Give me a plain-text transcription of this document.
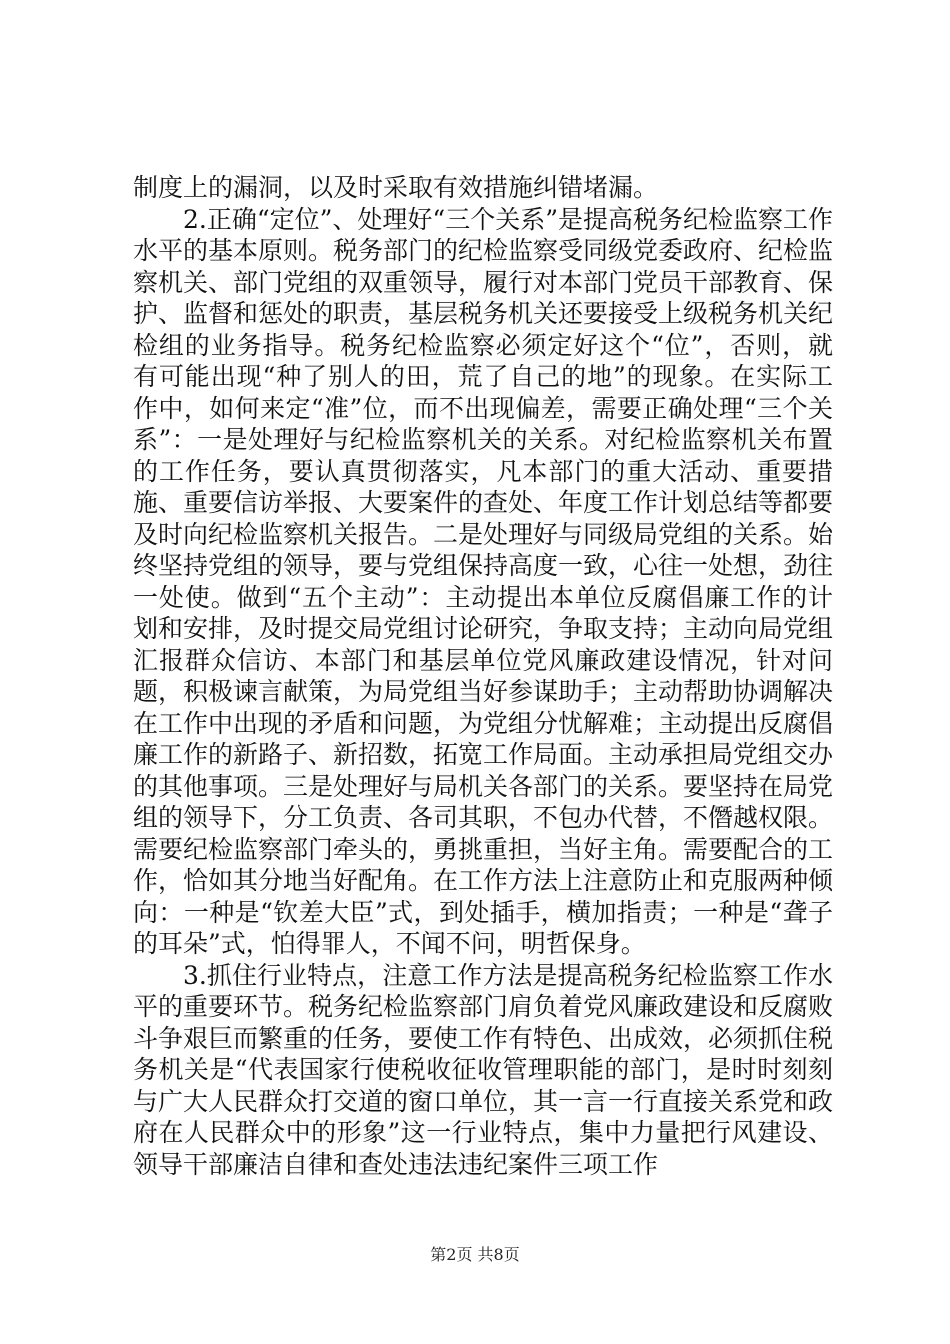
制度上的漏洞，以及时采取有效措施纠错堵漏。

2.正确“定位”、处理好“三个关系”是提高税务纪检监察工作水平的基本原则。税务部门的纪检监察受同级党委政府、纪检监察机关、部门党组的双重领导，履行对本部门党员干部教育、保护、监督和惩处的职责，基层税务机关还要接受上级税务机关纪检组的业务指导。税务纪检监察必须定好这个“位”，否则，就有可能出现“种了别人的田，荒了自己的地”的现象。在实际工作中，如何来定“准”位，而不出现偏差，需要正确处理“三个关系”：一是处理好与纪检监察机关的关系。对纪检监察机关布置的工作任务，要认真贯彻落实，凡本部门的重大活动、重要措施、重要信访举报、大要案件的查处、年度工作计划总结等都要及时向纪检监察机关报告。二是处理好与同级局党组的关系。始终坚持党组的领导，要与党组保持高度一致，心往一处想，劲往一处使。做到“五个主动”：主动提出本单位反腐倡廉工作的计划和安排，及时提交局党组讨论研究，争取支持；主动向局党组汇报群众信访、本部门和基层单位党风廉政建设情况，针对问题，积极谏言献策，为局党组当好参谋助手；主动帮助协调解决在工作中出现的矛盾和问题，为党组分忧解难；主动提出反腐倡廉工作的新路子、新招数，拓宽工作局面。主动承担局党组交办的其他事项。三是处理好与局机关各部门的关系。要坚持在局党组的领导下，分工负责、各司其职，不包办代替，不僭越权限。需要纪检监察部门牵头的，勇挑重担，当好主角。需要配合的工作，恰如其分地当好配角。在工作方法上注意防止和克服两种倾向：一种是“钦差大臣”式，到处插手，横加指责；一种是“聋子的耳朵”式，怕得罪人，不闻不问，明哲保身。

3.抓住行业特点，注意工作方法是提高税务纪检监察工作水平的重要环节。税务纪检监察部门肩负着党风廉政建设和反腐败斗争艰巨而繁重的任务，要使工作有特色、出成效，必须抓住税务机关是“代表国家行使税收征收管理职能的部门，是时时刻刻与广大人民群众打交道的窗口单位，其一言一行直接关系党和政府在人民群众中的形象”这一行业特点，集中力量把行风建设、领导干部廉洁自律和查处违法违纪案件三项工作

第2页 共8页
